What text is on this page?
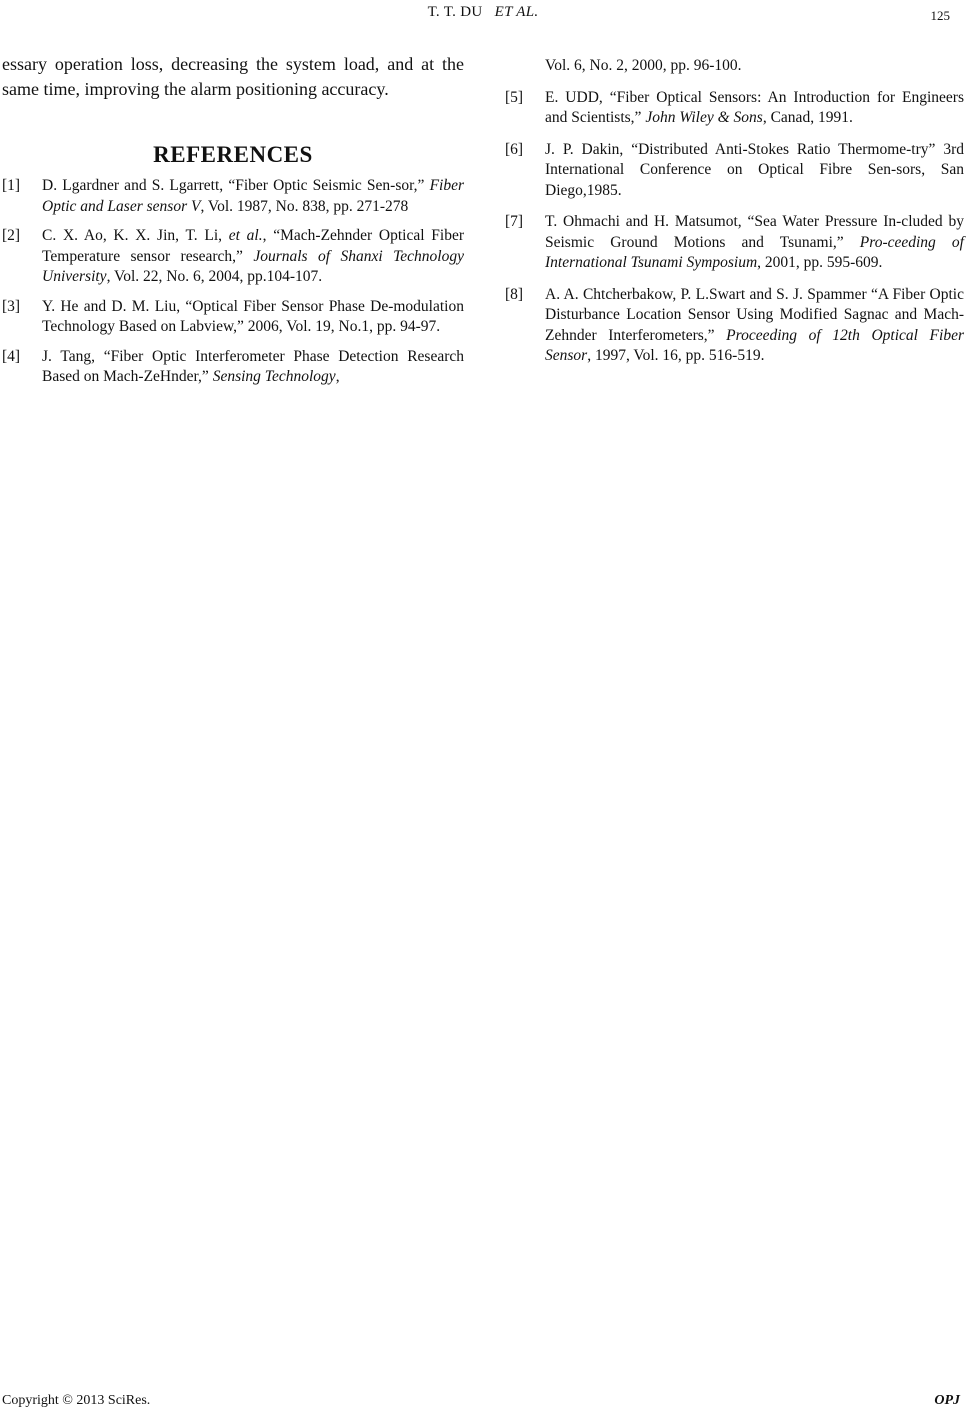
T. T. DU ET AL.	125

essary operation loss, decreasing the system load, and at the same time, improving the alarm positioning accuracy.

REFERENCES
[1]	D. Lgardner and S. Lgarrett, “Fiber Optic Seismic Sen-sor,” Fiber Optic and Laser sensor V, Vol. 1987, No. 838, pp. 271-278
[2]	C. X. Ao, K. X. Jin, T. Li, et al., “Mach-Zehnder Optical Fiber Temperature sensor research,” Journals of Shanxi Technology University, Vol. 22, No. 6, 2004, pp.104-107.
[3]	Y. He and D. M. Liu, “Optical Fiber Sensor Phase De-modulation Technology Based on Labview,” 2006, Vol. 19, No.1, pp. 94-97.
[4]	J. Tang, “Fiber Optic Interferometer Phase Detection Research Based on Mach-ZeHnder,” Sensing Technology,
Vol. 6, No. 2, 2000, pp. 96-100.
[5]	E. UDD, “Fiber Optical Sensors: An Introduction for Engineers and Scientists,” John Wiley & Sons, Canad, 1991.
[6]	J. P. Dakin, “Distributed Anti-Stokes Ratio Thermome-try” 3rd International Conference on Optical Fibre Sen-sors, San Diego,1985.
[7]	T. Ohmachi and H. Matsumot, “Sea Water Pressure In-cluded by Seismic Ground Motions and Tsunami,” Pro-ceeding of International Tsunami Symposium, 2001, pp. 595-609.
[8]	A. A. Chtcherbakow, P. L.Swart and S. J. Spammer “A Fiber Optic Disturbance Location Sensor Using Modified Sagnac and Mach-Zehnder Interferometers,” Proceeding of 12th Optical Fiber Sensor, 1997, Vol. 16, pp. 516-519.
Copyright © 2013 SciRes.	OPJ
